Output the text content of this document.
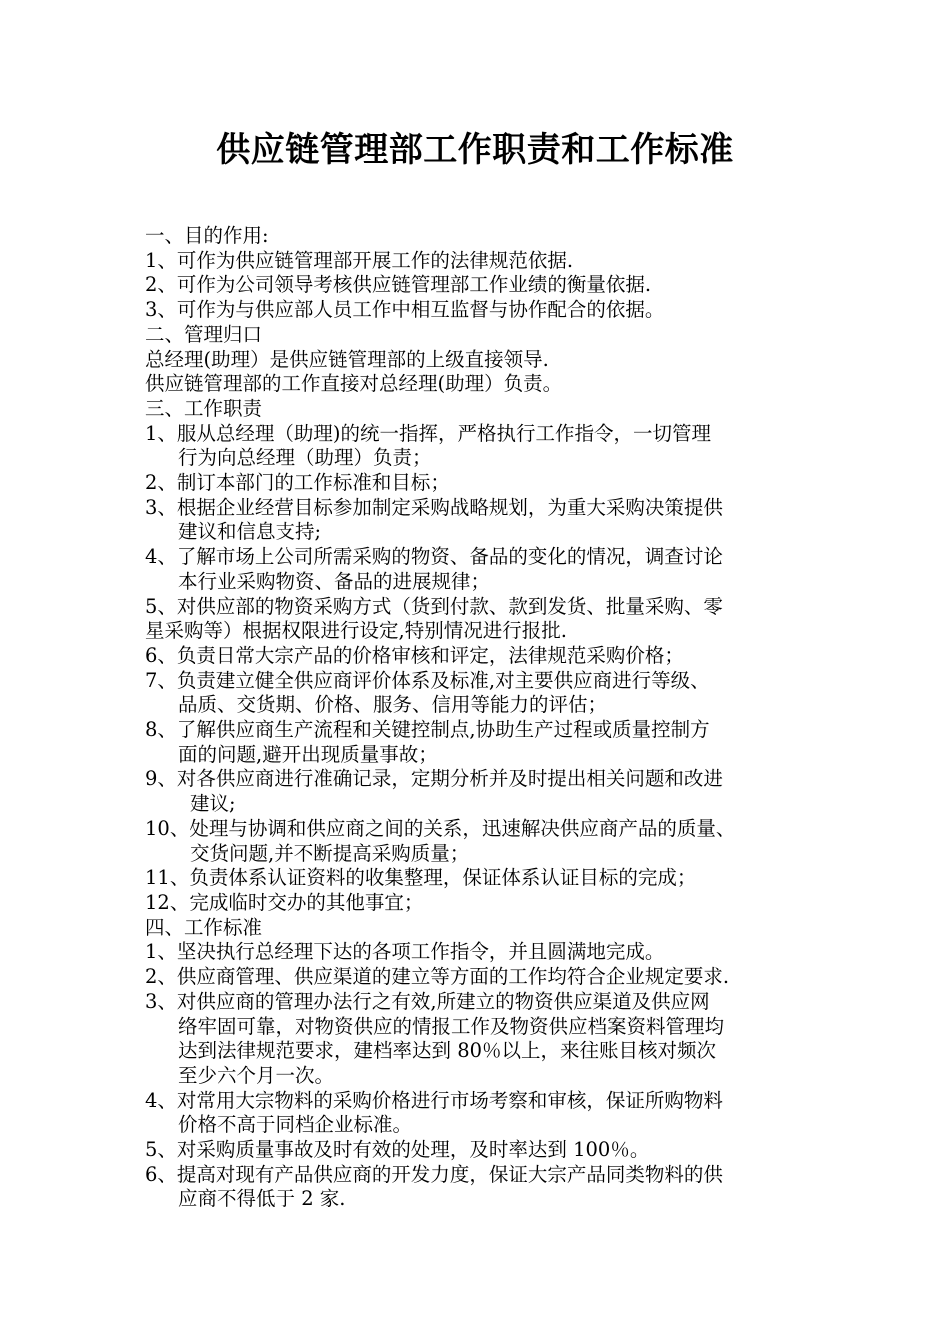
供应链管理部工作职责和工作标准
一、目的作用:
1、可作为供应链管理部开展工作的法律规范依据.
2、可作为公司领导考核供应链管理部工作业绩的衡量依据.
3、可作为与供应部人员工作中相互监督与协作配合的依据。
二、管理归口
总经理(助理）是供应链管理部的上级直接领导.
供应链管理部的工作直接对总经理(助理）负责。
三、工作职责
1、服从总经理（助理)的统一指挥，严格执行工作指令，一切管理
行为向总经理（助理）负责；
2、制订本部门的工作标准和目标；
3、根据企业经营目标参加制定采购战略规划，为重大采购决策提供
建议和信息支持;
4、了解市场上公司所需采购的物资、备品的变化的情况，调查讨论
本行业采购物资、备品的进展规律；
5、对供应部的物资采购方式（货到付款、款到发货、批量采购、零
星采购等）根据权限进行设定,特别情况进行报批.
6、负责日常大宗产品的价格审核和评定，法律规范采购价格；
7、负责建立健全供应商评价体系及标准,对主要供应商进行等级、
品质、交货期、价格、服务、信用等能力的评估；
8、了解供应商生产流程和关键控制点,协助生产过程或质量控制方
面的问题,避开出现质量事故；
9、对各供应商进行准确记录，定期分析并及时提出相关问题和改进
建议;
10、处理与协调和供应商之间的关系，迅速解决供应商产品的质量、
交货问题,并不断提高采购质量；
11、负责体系认证资料的收集整理，保证体系认证目标的完成；
12、完成临时交办的其他事宜；
四、工作标准
1、坚决执行总经理下达的各项工作指令，并且圆满地完成。
2、供应商管理、供应渠道的建立等方面的工作均符合企业规定要求.
3、对供应商的管理办法行之有效,所建立的物资供应渠道及供应网
络牢固可靠，对物资供应的情报工作及物资供应档案资料管理均
达到法律规范要求，建档率达到 80％以上，来往账目核对频次
至少六个月一次。
4、对常用大宗物料的采购价格进行市场考察和审核，保证所购物料
价格不高于同档企业标准。
5、对采购质量事故及时有效的处理，及时率达到 100％。
6、提高对现有产品供应商的开发力度，保证大宗产品同类物料的供
应商不得低于 2 家.
